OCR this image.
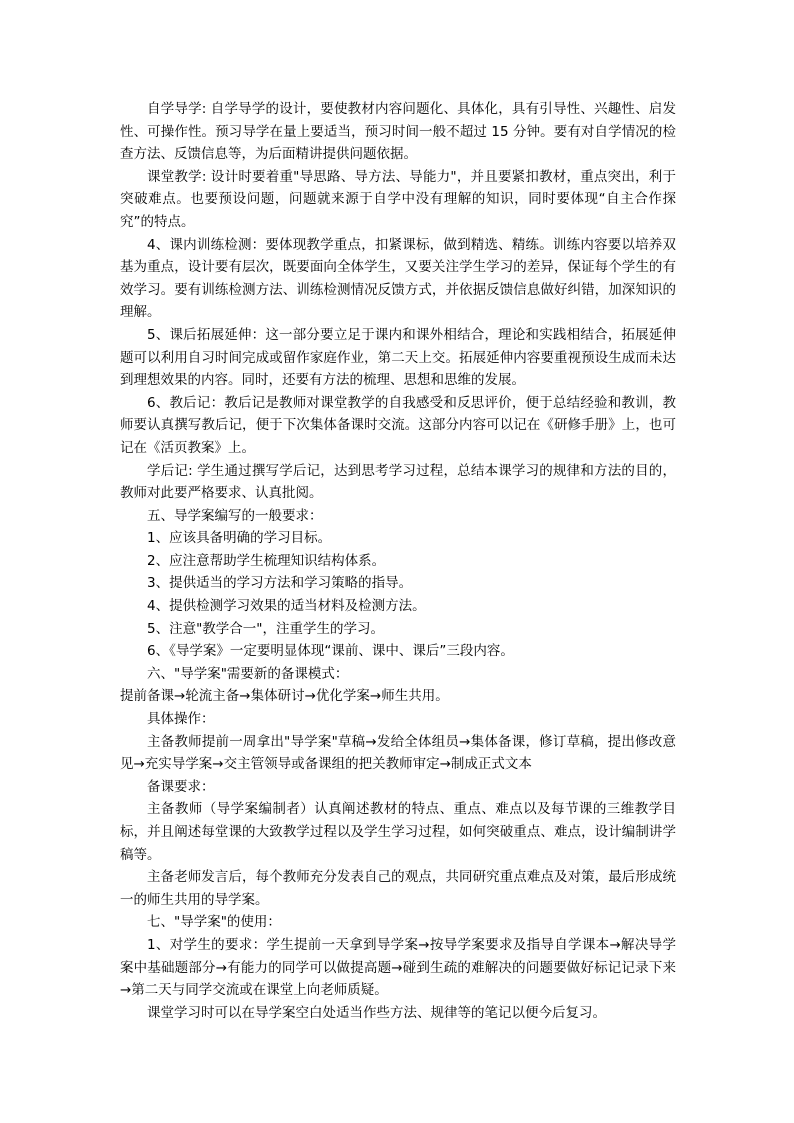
自学导学: 自学导学的设计，要使教材内容问题化、具体化，具有引导性、兴趣性、启发性、可操作性。预习导学在量上要适当，预习时间一般不超过 15 分钟。要有对自学情况的检查方法、反馈信息等，为后面精讲提供问题依据。

课堂教学: 设计时要着重"导思路、导方法、导能力"，并且要紧扣教材，重点突出，利于突破难点。也要预设问题，问题就来源于自学中没有理解的知识，同时要体现“自主合作探究”的特点。

4、课内训练检测：要体现教学重点，扣紧课标，做到精选、精练。训练内容要以培养双基为重点，设计要有层次，既要面向全体学生，又要关注学生学习的差异，保证每个学生的有效学习。要有训练检测方法、训练检测情况反馈方式，并依据反馈信息做好纠错，加深知识的理解。

5、课后拓展延伸：这一部分要立足于课内和课外相结合，理论和实践相结合，拓展延伸题可以利用自习时间完成或留作家庭作业，第二天上交。拓展延伸内容要重视预设生成而未达到理想效果的内容。同时，还要有方法的梳理、思想和思维的发展。

6、教后记：教后记是教师对课堂教学的自我感受和反思评价，便于总结经验和教训，教师要认真撰写教后记，便于下次集体备课时交流。这部分内容可以记在《研修手册》上，也可记在《活页教案》上。

学后记: 学生通过撰写学后记，达到思考学习过程，总结本课学习的规律和方法的目的，教师对此要严格要求、认真批阅。

五、导学案编写的一般要求：

1、应该具备明确的学习目标。

2、应注意帮助学生梳理知识结构体系。

3、提供适当的学习方法和学习策略的指导。

4、提供检测学习效果的适当材料及检测方法。

5、注意"教学合一"，注重学生的学习。

6、《导学案》一定要明显体现“课前、课中、课后”三段内容。

六、"导学案"需要新的备课模式：

提前备课→轮流主备→集体研讨→优化学案→师生共用。

具体操作：

主备教师提前一周拿出"导学案"草稿→发给全体组员→集体备课，修订草稿，提出修改意见→充实导学案→交主管领导或备课组的把关教师审定→制成正式文本

备课要求：

主备教师（导学案编制者）认真阐述教材的特点、重点、难点以及每节课的三维教学目标，并且阐述每堂课的大致教学过程以及学生学习过程，如何突破重点、难点，设计编制讲学稿等。

主备老师发言后，每个教师充分发表自己的观点，共同研究重点难点及对策，最后形成统一的师生共用的导学案。

七、"导学案"的使用：

1、对学生的要求：学生提前一天拿到导学案→按导学案要求及指导自学课本→解决导学案中基础题部分→有能力的同学可以做提高题→碰到生疏的难解决的问题要做好标记记录下来→第二天与同学交流或在课堂上向老师质疑。

课堂学习时可以在导学案空白处适当作些方法、规律等的笔记以便今后复习。
